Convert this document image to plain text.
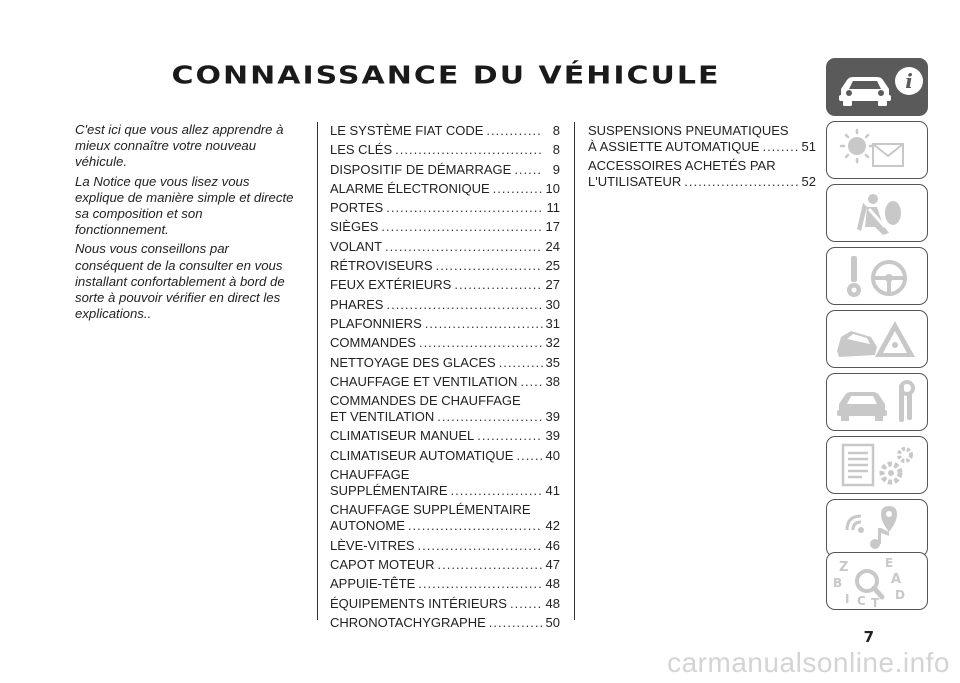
CONNAISSANCE DU VÉHICULE

C'est ici que vous allez apprendre à mieux connaître votre nouveau véhicule.

La Notice que vous lisez vous explique de manière simple et directe sa composition et son fonctionnement.

Nous vous conseillons par conséquent de la consulter en vous installant confortablement à bord de sorte à pouvoir vérifier en direct les explications..

LE SYSTÈME FIAT CODE .....	8
LES CLÉS .....	8
DISPOSITIF DE DÉMARRAGE .....	9
ALARME ÉLECTRONIQUE .....	10
PORTES .....	11
SIÈGES .....	17
VOLANT .....	24
RÉTROVISEURS .....	25
FEUX EXTÉRIEURS .....	27
PHARES .....	30
PLAFONNIERS .....	31
COMMANDES .....	32
NETTOYAGE DES GLACES .....	35
CHAUFFAGE ET VENTILATION ..... 38
COMMANDES DE CHAUFFAGE
ET VENTILATION .....	39
CLIMATISEUR MANUEL .....	39
CLIMATISEUR AUTOMATIQUE ..... 40
CHAUFFAGE
SUPPLÉMENTAIRE .....	41
CHAUFFAGE SUPPLÉMENTAIRE
AUTONOME .....	42
LÈVE-VITRES .....	46
CAPOT MOTEUR .....	47
APPUIE-TÊTE .....	48
ÉQUIPEMENTS INTÉRIEURS .....	48
CHRONOTACHYGRAPHE .....	50
SUSPENSIONS PNEUMATIQUES
À ASSIETTE AUTOMATIQUE .....	51
ACCESSOIRES ACHETÉS PAR
L'UTILISATEUR .....	52
i
Z	E
B	A
I C T
D
7
carmanualsonline.info
